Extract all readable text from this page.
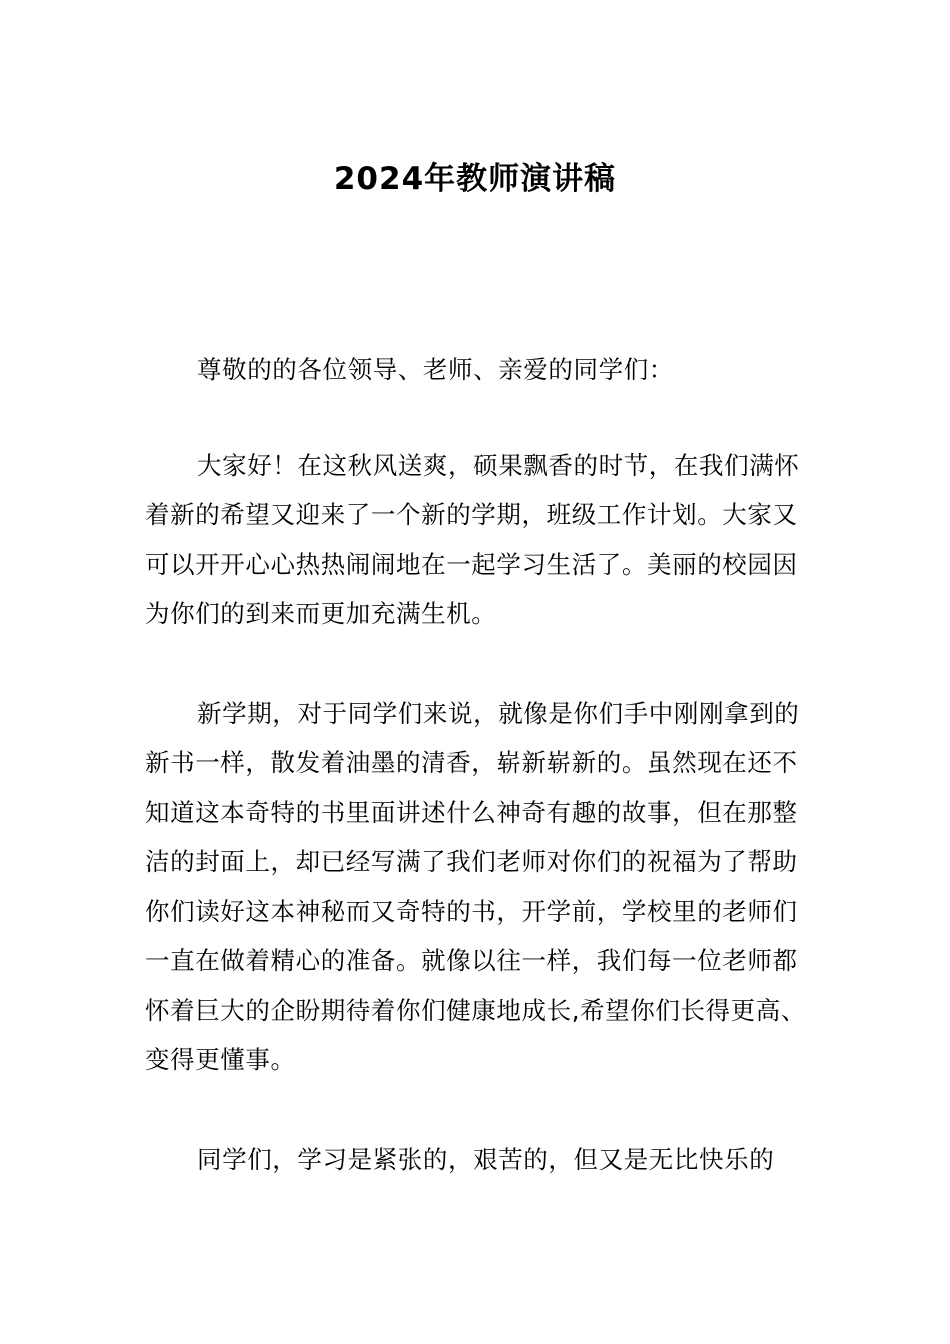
2024年教师演讲稿

尊敬的的各位领导、老师、亲爱的同学们：

大家好！在这秋风送爽，硕果飘香的时节，在我们满怀着新的希望又迎来了一个新的学期，班级工作计划。大家又可以开开心心热热闹闹地在一起学习生活了。美丽的校园因为你们的到来而更加充满生机。

新学期，对于同学们来说，就像是你们手中刚刚拿到的新书一样，散发着油墨的清香，崭新崭新的。虽然现在还不知道这本奇特的书里面讲述什么神奇有趣的故事，但在那整洁的封面上，却已经写满了我们老师对你们的祝福为了帮助你们读好这本神秘而又奇特的书，开学前，学校里的老师们一直在做着精心的准备。就像以往一样，我们每一位老师都怀着巨大的企盼期待着你们健康地成长,希望你们长得更高、变得更懂事。

同学们，学习是紧张的，艰苦的，但又是无比快乐的
